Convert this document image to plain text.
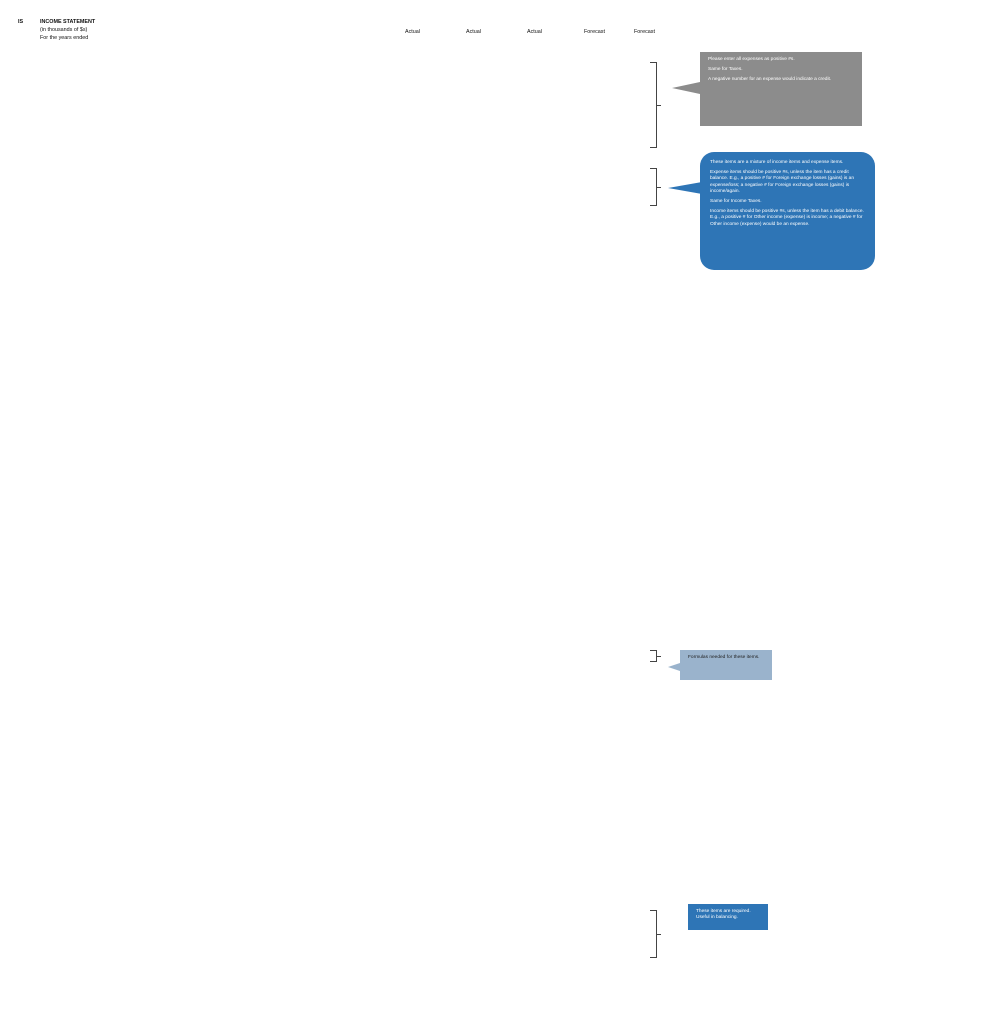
IS	INCOME STATEMENT
(in thousands of $s)
For the years ended
Actual	Actual	Actual	Forecast	Forecast

Please enter all expenses as positive #s.

Same for Taxes.

A negative number for an expense would indicate a credit.

These items are a mixture of income items and expense items.

Expense items should be positive #s, unless the item has a credit balance. E.g., a positive # for Foreign exchange losses (gains) is an expense/loss; a negative # for Foreign exchange losses (gains) is income/again.

Same for Income Taxes.

Income items should be positive #s, unless the item has a debit balance. E.g., a positive # for Other income (expense) is income; a negative # for Other income (expense) would be an expense.

Formulas needed for these items.

These items are required. Useful in balancing.
